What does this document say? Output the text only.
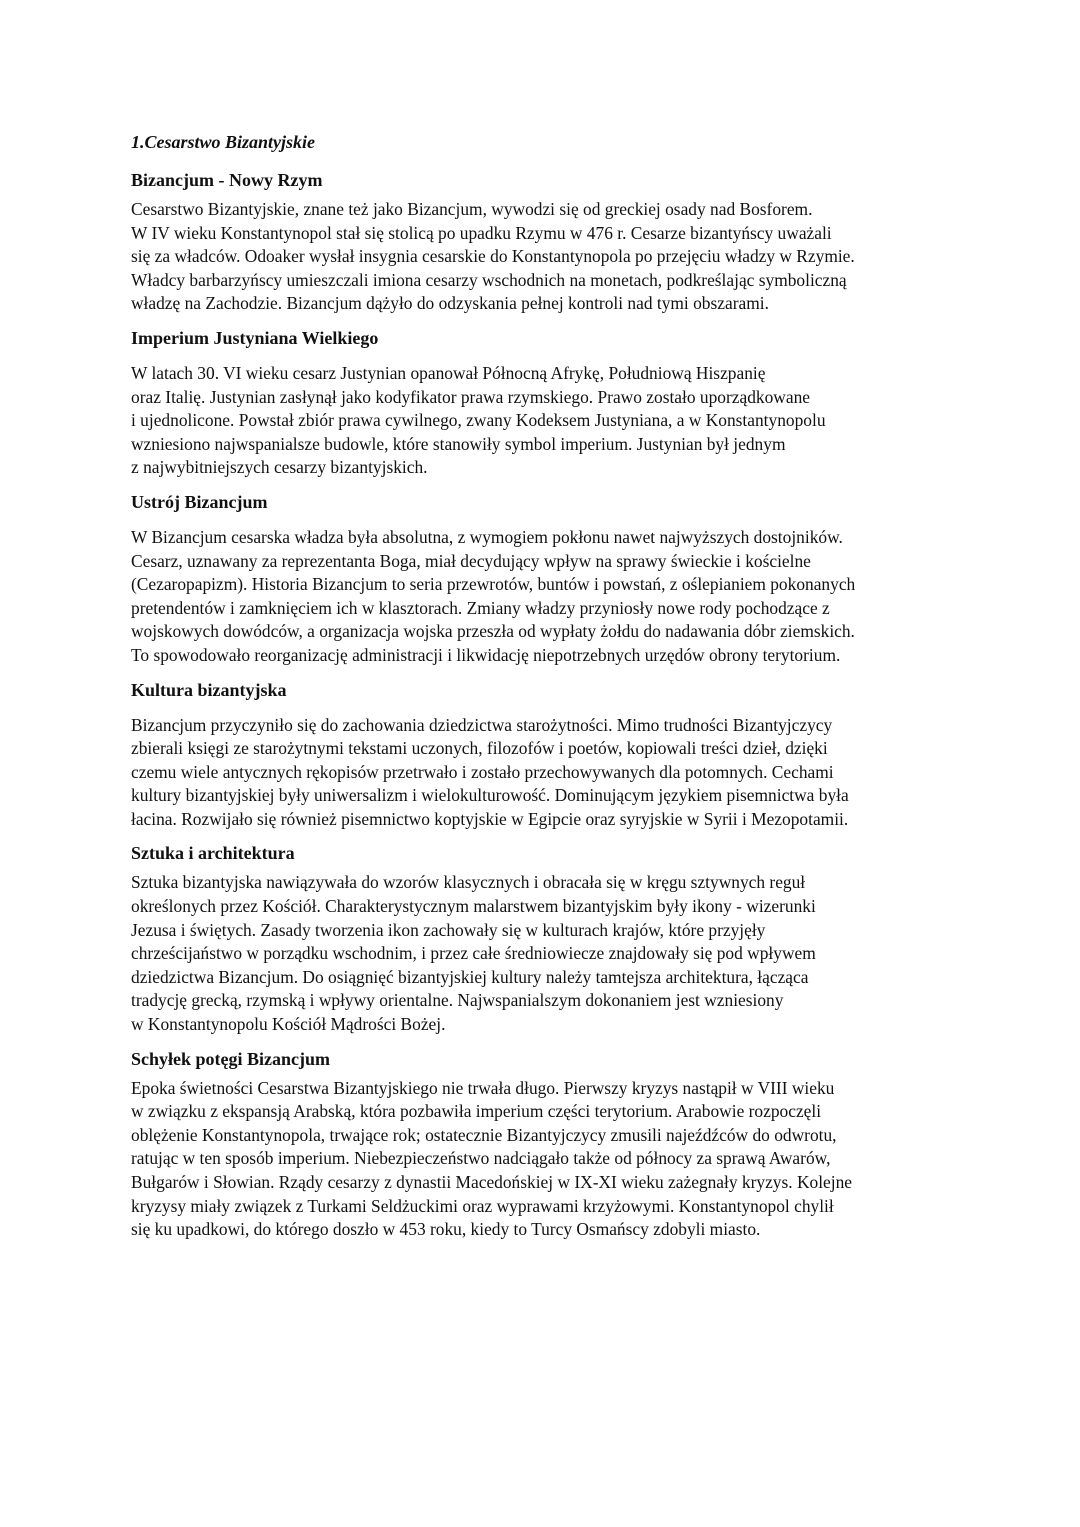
1.Cesarstwo Bizantyjskie
Bizancjum - Nowy Rzym

Cesarstwo Bizantyjskie, znane też jako Bizancjum, wywodzi się od greckiej osady nad Bosforem.
W IV wieku Konstantynopol stał się stolicą po upadku Rzymu w 476 r. Cesarze bizantyńscy uważali
się za władców. Odoaker wysłał insygnia cesarskie do Konstantynopola po przejęciu władzy w Rzymie.
Władcy barbarzyńscy umieszczali imiona cesarzy wschodnich na monetach, podkreślając symboliczną
władzę na Zachodzie. Bizancjum dążyło do odzyskania pełnej kontroli nad tymi obszarami.

Imperium Justyniana Wielkiego

W latach 30. VI wieku cesarz Justynian opanował Północną Afrykę, Południową Hiszpanię
oraz Italię. Justynian zasłynął jako kodyfikator prawa rzymskiego. Prawo zostało uporządkowane
i ujednolicone. Powstał zbiór prawa cywilnego, zwany Kodeksem Justyniana, a w Konstantynopolu
wzniesiono najwspanialsze budowle, które stanowiły symbol imperium. Justynian był jednym
z najwybitniejszych cesarzy bizantyjskich.

Ustrój Bizancjum

W Bizancjum cesarska władza była absolutna, z wymogiem pokłonu nawet najwyższych dostojników.
Cesarz, uznawany za reprezentanta Boga, miał decydujący wpływ na sprawy świeckie i kościelne
(Cezaropapizm). Historia Bizancjum to seria przewrotów, buntów i powstań, z oślepianiem pokonanych
pretendentów i zamknięciem ich w klasztorach. Zmiany władzy przyniosły nowe rody pochodzące z
wojskowych dowódców, a organizacja wojska przeszła od wypłaty żołdu do nadawania dóbr ziemskich.
To spowodowało reorganizację administracji i likwidację niepotrzebnych urzędów obrony terytorium.

Kultura bizantyjska

Bizancjum przyczyniło się do zachowania dziedzictwa starożytności. Mimo trudności Bizantyjczycy
zbierali księgi ze starożytnymi tekstami uczonych, filozofów i poetów, kopiowali treści dzieł, dzięki
czemu wiele antycznych rękopisów przetrwało i zostało przechowywanych dla potomnych. Cechami
kultury bizantyjskiej były uniwersalizm i wielokulturowość. Dominującym językiem pisemnictwa była
łacina. Rozwijało się również pisemnictwo koptyjskie w Egipcie oraz syryjskie w Syrii i Mezopotamii.

Sztuka i architektura

Sztuka bizantyjska nawiązywała do wzorów klasycznych i obracała się w kręgu sztywnych reguł
określonych przez Kościół. Charakterystycznym malarstwem bizantyjskim były ikony - wizerunki
Jezusa i świętych. Zasady tworzenia ikon zachowały się w kulturach krajów, które przyjęły
chrześcijaństwo w porządku wschodnim, i przez całe średniowiecze znajdowały się pod wpływem
dziedzictwa Bizancjum. Do osiągnięć bizantyjskiej kultury należy tamtejsza architektura, łącząca
tradycję grecką, rzymską i wpływy orientalne. Najwspanialszym dokonaniem jest wzniesiony
w Konstantynopolu Kościół Mądrości Bożej.

Schyłek potęgi Bizancjum

Epoka świetności Cesarstwa Bizantyjskiego nie trwała długo. Pierwszy kryzys nastąpił w VIII wieku
w związku z ekspansją Arabską, która pozbawiła imperium części terytorium. Arabowie rozpoczęli
oblężenie Konstantynopola, trwające rok; ostatecznie Bizantyjczycy zmusili najeźdźców do odwrotu,
ratując w ten sposób imperium. Niebezpieczeństwo nadciągało także od północy za sprawą Awarów,
Bułgarów i Słowian. Rządy cesarzy z dynastii Macedońskiej w IX-XI wieku zażegnały kryzys. Kolejne
kryzysy miały związek z Turkami Seldżuckimi oraz wyprawami krzyżowymi. Konstantynopol chylił
się ku upadkowi, do którego doszło w 453 roku, kiedy to Turcy Osmańscy zdobyli miasto.
